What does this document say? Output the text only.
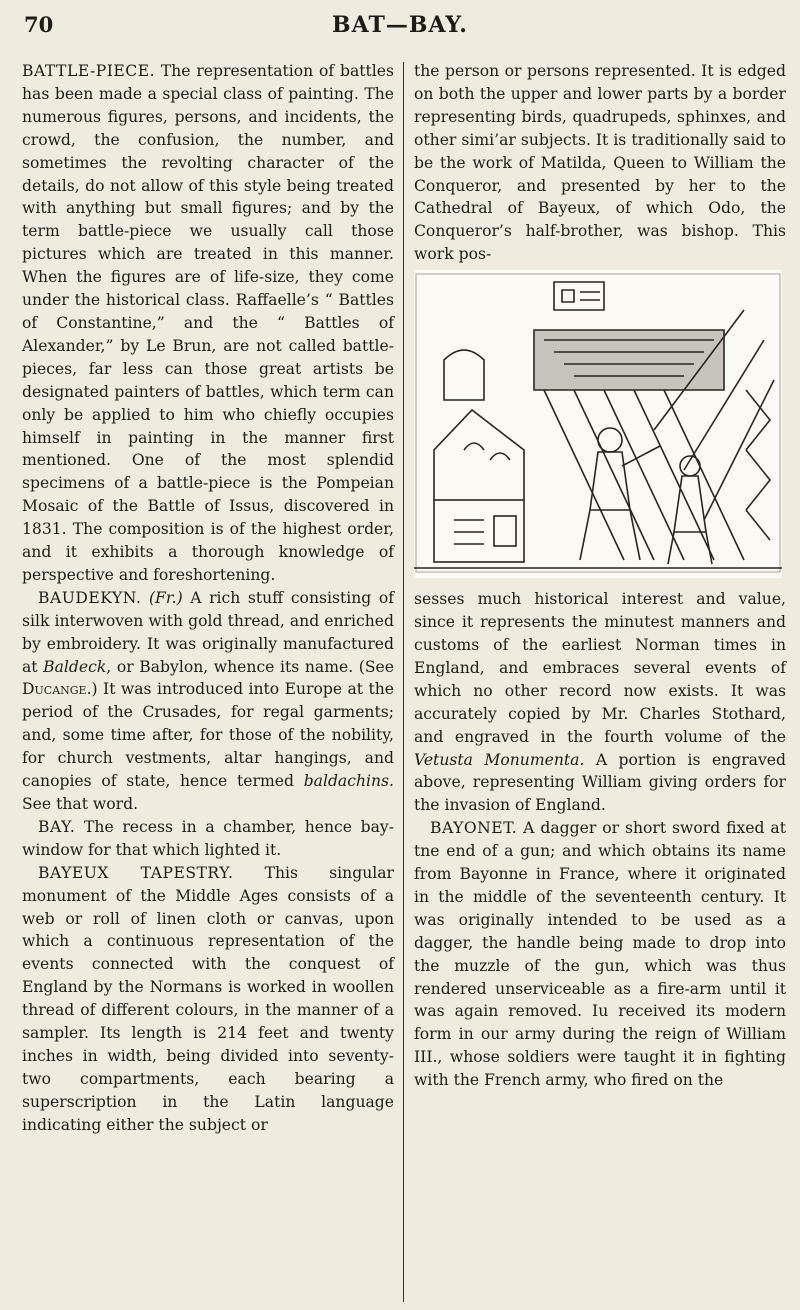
70	BAT—BAY.

BATTLE-PIECE. The representation of battles has been made a special class of painting. The numerous figures, persons, and incidents, the crowd, the confusion, the number, and sometimes the revolting character of the details, do not allow of this style being treated with anything but small figures; and by the term battle-piece we usually call those pictures which are treated in this manner. When the figures are of life-size, they come under the historical class. Raffaelle’s “ Battles of Constantine,” and the “ Battles of Alexander,” by Le Brun, are not called battle-pieces, far less can those great artists be designated painters of battles, which term can only be applied to him who chiefly occupies himself in painting in the manner first mentioned. One of the most splendid specimens of a battle-piece is the Pompeian Mosaic of the Battle of Issus, discovered in 1831. The composition is of the highest order, and it exhibits a thorough knowledge of perspective and foreshortening.

BAUDEKYN. (Fr.) A rich stuff consisting of silk interwoven with gold thread, and enriched by embroidery. It was originally manufactured at Baldeck, or Babylon, whence its name. (See Ducange.) It was introduced into Europe at the period of the Crusades, for regal garments; and, some time after, for those of the nobility, for church vestments, altar hangings, and canopies of state, hence termed baldachins. See that word.

BAY. The recess in a chamber, hence bay-window for that which lighted it.

BAYEUX TAPESTRY. This singular monument of the Middle Ages consists of a web or roll of linen cloth or canvas, upon which a continuous representation of the events connected with the conquest of England by the Normans is worked in woollen thread of different colours, in the manner of a sampler. Its length is 214 feet and twenty inches in width, being divided into seventy-two compartments, each bearing a superscription in the Latin language indicating either the subject or

the person or persons represented. It is edged on both the upper and lower parts by a border representing birds, quadrupeds, sphinxes, and other simi’ar subjects. It is traditionally said to be the work of Matilda, Queen to William the Conqueror, and presented by her to the Cathedral of Bayeux, of which Odo, the Conqueror’s half-brother, was bishop. This work pos-

sesses much historical interest and value, since it represents the minutest manners and customs of the earliest Norman times in England, and embraces several events of which no other record now exists. It was accurately copied by Mr. Charles Stothard, and engraved in the fourth volume of the Vetusta Monumenta. A portion is engraved above, representing William giving orders for the invasion of England.

BAYONET. A dagger or short sword fixed at tne end of a gun; and which obtains its name from Bayonne in France, where it originated in the middle of the seventeenth century. It was originally intended to be used as a dagger, the handle being made to drop into the muzzle of the gun, which was thus rendered unserviceable as a fire-arm until it was again removed. Iu received its modern form in our army during the reign of William III., whose soldiers were taught it in fighting with the French army, who fired on the
